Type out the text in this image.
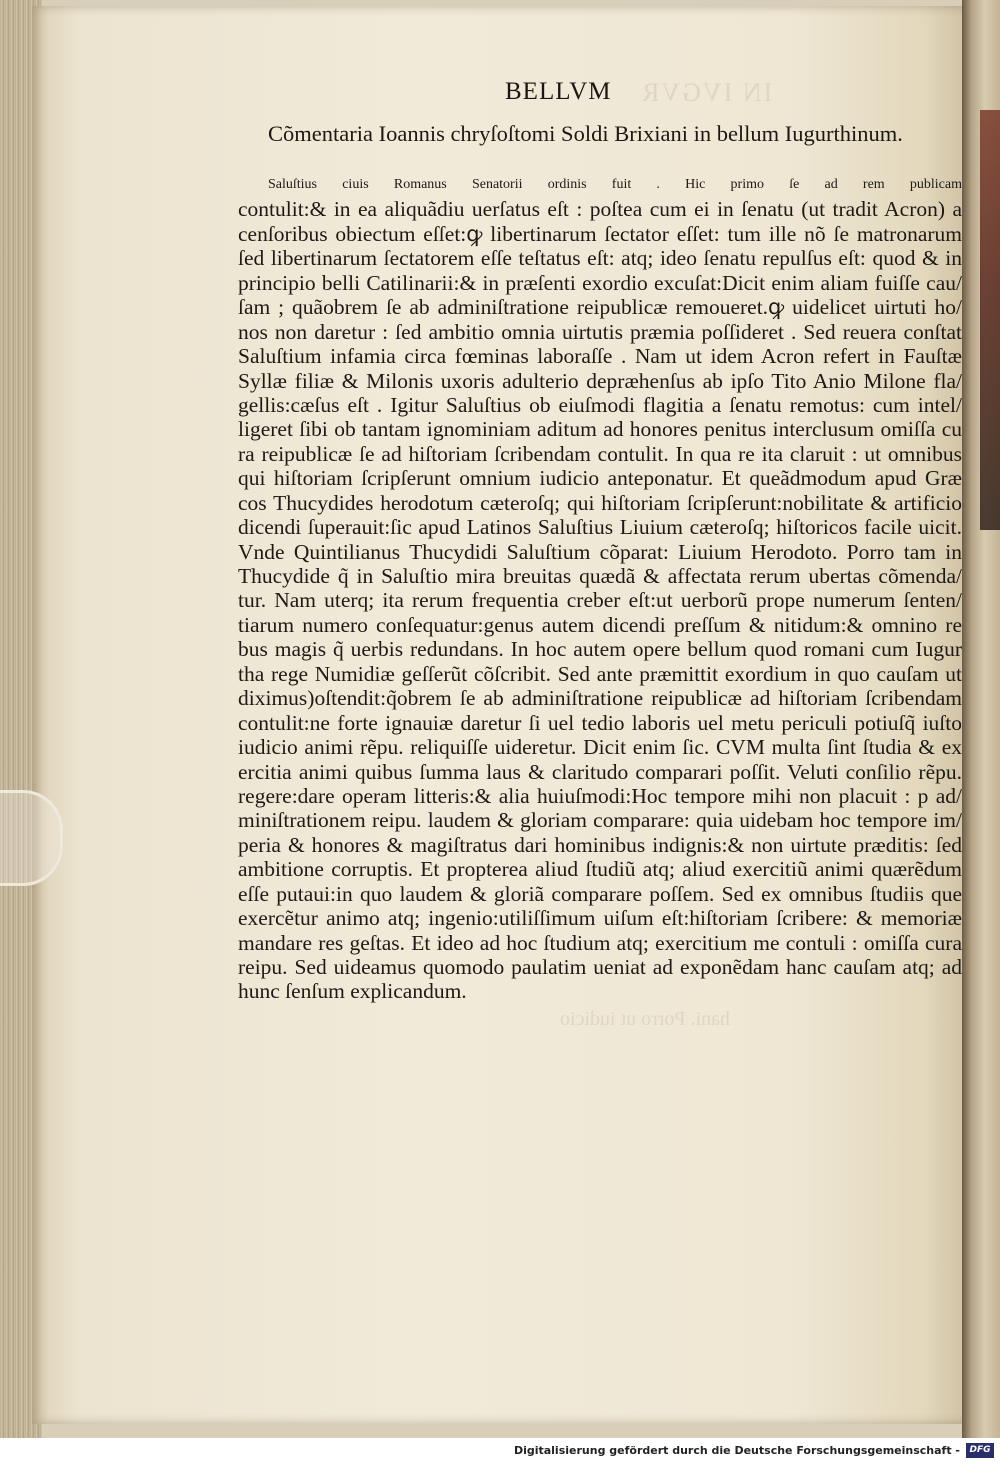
IN IVGVR
hani. Porro ut iudicio
BELLVM
Cõmentaria Ioannis chryſoſtomi Soldi Brixiani in bellum Iugurthinum.
Saluſtius ciuis Romanus Senatorii ordinis fuit . Hic primo ſe ad rem publicam
contulit:& in ea aliquãdiu uerſatus eſt : poſtea cum ei in ſenatu (ut tradit Acron) a
cenſoribus obiectum eſſet:ꝙ libertinarum ſectator eſſet: tum ille nõ ſe matronarum
ſed libertinarum ſectatorem eſſe teſtatus eſt: atq; ideo ſenatu repulſus eſt: quod & in
principio belli Catilinarii:& in præſenti exordio excuſat:Dicit enim aliam fuiſſe cau/
ſam ; quãobrem ſe ab adminiſtratione reipublicæ remoueret.ꝙ uidelicet uirtuti ho/
nos non daretur : ſed ambitio omnia uirtutis præmia poſſideret . Sed reuera conſtat
Saluſtium infamia circa fœminas laboraſſe . Nam ut idem Acron refert in Fauſtæ
Syllæ filiæ & Milonis uxoris adulterio depræhenſus ab ipſo Tito Anio Milone fla/
gellis:cæſus eſt . Igitur Saluſtius ob eiuſmodi flagitia a ſenatu remotus: cum intel/
ligeret ſibi ob tantam ignominiam aditum ad honores penitus interclusum omiſſa cu
ra reipublicæ ſe ad hiſtoriam ſcribendam contulit. In qua re ita claruit : ut omnibus
qui hiſtoriam ſcripſerunt omnium iudicio anteponatur. Et queãdmodum apud Græ
cos Thucydides herodotum cæteroſq; qui hiſtoriam ſcripſerunt:nobilitate & artificio
dicendi ſuperauit:ſic apud Latinos Saluſtius Liuium cæteroſq; hiſtoricos facile uicit.
Vnde Quintilianus Thucydidi Saluſtium cõparat: Liuium Herodoto. Porro tam in
Thucydide q̃ in Saluſtio mira breuitas quædã & affectata rerum ubertas cõmenda/
tur. Nam uterq; ita rerum frequentia creber eſt:ut uerborũ prope numerum ſenten/
tiarum numero conſequatur:genus autem dicendi preſſum & nitidum:& omnino re
bus magis q̃ uerbis redundans. In hoc autem opere bellum quod romani cum Iugur
tha rege Numidiæ geſſerũt cõſcribit. Sed ante præmittit exordium in quo cauſam ut
diximus)oſtendit:q̃obrem ſe ab adminiſtratione reipublicæ ad hiſtoriam ſcribendam
contulit:ne forte ignauiæ daretur ſi uel tedio laboris uel metu periculi potiuſq̃ iuſto
iudicio animi rẽpu. reliquiſſe uideretur. Dicit enim ſic. CVM multa ſint ſtudia & ex
ercitia animi quibus ſumma laus & claritudo comparari poſſit. Veluti conſilio rẽpu.
regere:dare operam litteris:& alia huiuſmodi:Hoc tempore mihi non placuit : p ad/
miniſtrationem reipu. laudem & gloriam comparare: quia uidebam hoc tempore im/
peria & honores & magiſtratus dari hominibus indignis:& non uirtute præditis: ſed
ambitione corruptis. Et propterea aliud ſtudiũ atq; aliud exercitiũ animi quærẽdum
eſſe putaui:in quo laudem & gloriã comparare poſſem. Sed ex omnibus ſtudiis que
exercẽtur animo atq; ingenio:utiliſſimum uiſum eſt:hiſtoriam ſcribere: & memoriæ
mandare res geſtas. Et ideo ad hoc ſtudium atq; exercitium me contuli : omiſſa cura
reipu. Sed uideamus quomodo paulatim ueniat ad exponẽdam hanc cauſam atq; ad
hunc ſenſum explicandum.
Digitalisierung gefördert durch die Deutsche Forschungsgemeinschaft -	DFG
